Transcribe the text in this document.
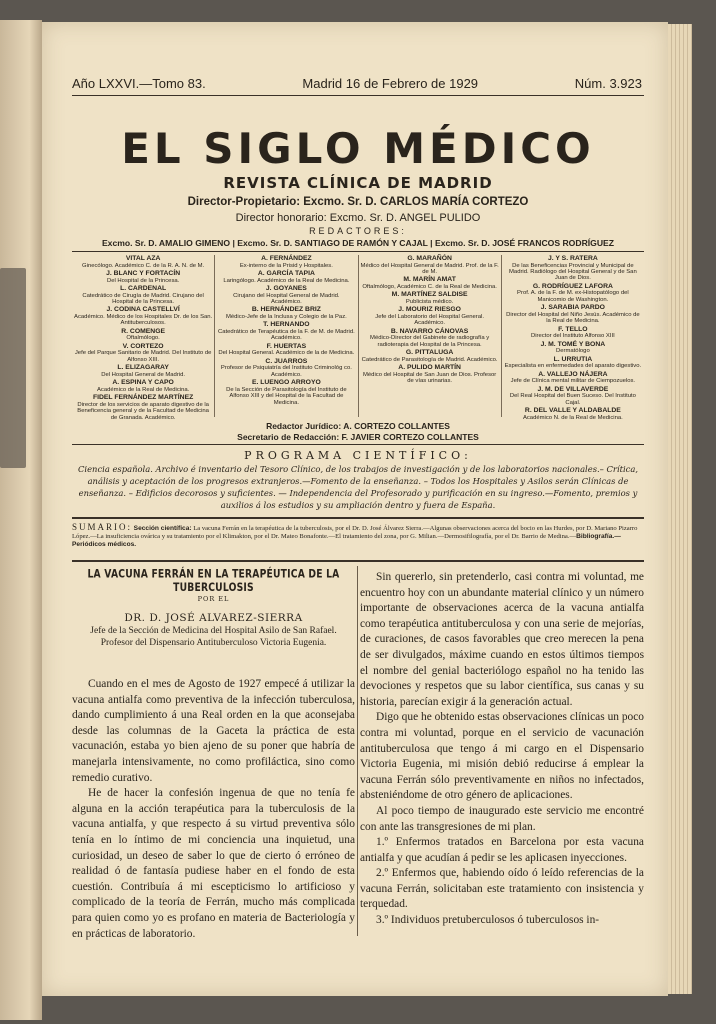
Año LXXVI.—Tomo 83.	Madrid 16 de Febrero de 1929	Núm. 3.923
EL SIGLO MÉDICO
REVISTA CLÍNICA DE MADRID
Director-Propietario: Excmo. Sr. D. CARLOS MARÍA CORTEZO
Director honorario: Excmo. Sr. D. ANGEL PULIDO
REDACTORES:
Excmo. Sr. D. AMALIO GIMENO | Excmo. Sr. D. SANTIAGO DE RAMÓN Y CAJAL | Excmo. Sr. D. JOSÉ FRANCOS RODRÍGUEZ
VITAL AZA
Ginecólogo. Académico C. de la R. A. N. de M.
J. BLANC Y FORTACÍN
Del Hospital de la Princesa.
L. CARDENAL
Catedrático de Cirugía de Madrid. Cirujano del Hospital de la Princesa.
J. CODINA CASTELLVÍ
Académico. Médico de los Hospitales Dr. de los San. Antituberculosos.
R. COMENGE
Oftalmólogo.
V. CORTEZO
Jefe del Parque Sanitario de Madrid. Del Instituto de Alfonso XIII.
L. ELIZAGARAY
Del Hospital General de Madrid.
A. ESPINA Y CAPO
Académico de la Real de Medicina.
FIDEL FERNÁNDEZ MARTÍNEZ
Director de los servicios de aparato digestivo de la Beneficencia general y de la Facultad de Medicina de Granada. Académico.
A. FERNÁNDEZ
Ex-interno de la Prisid y Hospitales.
A. GARCÍA TAPIA
Laringólogo. Académico de la Real de Medicina.
J. GOYANES
Cirujano del Hospital General de Madrid. Académico.
B. HERNÁNDEZ BRIZ
Médico-Jefe de la Inclusa y Colegio de la Paz.
T. HERNANDO
Catedrático de Terapéutica de la F. de M. de Madrid. Académico.
F. HUERTAS
Del Hospital General. Académico de la de Medicina.
C. JUARROS
Profesor de Psiquiatría del Instituto Criminológ co. Académico.
E. LUENGO ARROYO
De la Sección de Parasitología del Instituto de Alfonso XIII y del Hospital de la Facultad de Medicina.
G. MARAÑÓN
Médico del Hospital General de Madrid. Prof. de la F. de M.
M. MARÍN AMAT
Oftalmólogo, Académico C. de la Real de Medicina.
M. MARTÍNEZ SALDISE
Publicista médico.
J. MOURIZ RIESGO
Jefe del Laboratorio del Hospital General. Académico.
B. NAVARRO CÁNOVAS
Médico-Director del Gabinete de radiografía y radioterapia del Hospital de la Princesa.
G. PITTALUGA
Catedrático de Parasitología de Madrid. Académico.
A. PULIDO MARTÍN
Médico del Hospital de San Juan de Dios. Profesor de vías urinarias.
J. Y S. RATERA
De las Beneficencias Provincial y Municipal de Madrid. Radiólogo del Hospital General y de San Juan de Dios.
G. RODRÍGUEZ LAFORA
Prof. A. de la F. de M. ex-Histopatólogo del Manicomio de Washington.
J. SARABIA PARDO
Director del Hospital del Niño Jesús. Académico de la Real de Medicina.
F. TELLO
Director del Instituto Alfonso XIII
J. M. TOMÉ Y BONA
Dermatólogo
L. URRUTIA
Especialista en enfermedades del aparato digestivo.
A. VALLEJO NÁJERA
Jefe de Clínica mental militar de Ciempozuelos.
J. M. DE VILLAVERDE
Del Real Hospital del Buen Suceso. Del Instituto Cajal.
R. DEL VALLE Y ALDABALDE
Académico N. de la Real de Medicina.
Redactor Jurídico: A. CORTEZO COLLANTES
Secretario de Redacción: F. JAVIER CORTEZO COLLANTES
PROGRAMA CIENTÍFICO:
Ciencia española. Archivo é inventario del Tesoro Clínico, de los trabajos de investigación y de los laboratorios nacionales.– Crítica, análisis y aceptación de los progresos extranjeros.—Fomento de la enseñanza. – Todos los Hospitales y Asilos serán Clínicas de enseñanza. – Edificios decorosos y suficientes. — Independencia del Profesorado y purificación en su ingreso.—Fomento, premios y auxilios á los estudios y su ampliación dentro y fuera de España.
SUMARIO: Sección científica: La vacuna Ferrán en la terapéutica de la tuberculosis, por el Dr. D. José Álvarez Sierra.—Algunas observaciones acerca del bocio en las Hurdes, por D. Mariano Pizarro López.—La insuficiencia ovárica y su tratamiento por el Klimakton, por el Dr. Mateo Bonafonte.—El tratamiento del zona, por G. Milian.—Dermosifilografía, por el Dr. Barrio de Medina.—Bibliografía.—Periódicos médicos.
LA VACUNA FERRÁN EN LA TERAPÉUTICA DE LA TUBERCULOSIS
POR EL
DR. D. JOSÉ ALVAREZ-SIERRA
Jefe de la Sección de Medicina del Hospital Asilo de San Rafael.
Profesor del Dispensario Antituberculoso Victoria Eugenia.

Cuando en el mes de Agosto de 1927 empecé á utilizar la vacuna antialfa como preventiva de la infección tuberculosa, dando cumplimiento á una Real orden en la que aconsejaba desde las columnas de la Gaceta la práctica de esta vacunación, estaba yo bien ajeno de su poner que habría de manejarla intensivamente, no como profiláctica, sino como remedio curativo.

He de hacer la confesión ingenua de que no tenía fe alguna en la acción terapéutica para la tuberculosis de la vacuna antialfa, y que respecto á su virtud preventiva sólo tenía en lo íntimo de mi conciencia una inquietud, una curiosidad, un deseo de saber lo que de cierto ó erróneo de realidad ó de fantasía pudiese haber en el fondo de esta cuestión. Contribuía á mi escepticismo lo artificioso y complicado de la teoría de Ferrán, mucho más complicada para quien como yo es profano en materia de Bacteriología y en prácticas de laboratorio.

Sin quererlo, sin pretenderlo, casi contra mi voluntad, me encuentro hoy con un abundante material clínico y un número importante de observaciones acerca de la vacuna antialfa como terapéutica antituberculosa y con una serie de mejorías, de curaciones, de casos favorables que creo merecen la pena de ser divulgados, máxime cuando en estos últimos tiempos el nombre del genial bacteriólogo español no ha tenido las devociones y respetos que su labor científica, sus canas y su historia, parecían exigir á la generación actual.

Digo que he obtenido estas observaciones clínicas un poco contra mi voluntad, porque en el servicio de vacunación antituberculosa que tengo á mi cargo en el Dispensario Victoria Eugenia, mi misión debió reducirse á emplear la vacuna Ferrán sólo preventivamente en niños no infectados, absteniéndome de otro género de aplicaciones.

Al poco tiempo de inaugurado este servicio me encontré con ante las transgresiones de mi plan.

1.º Enfermos tratados en Barcelona por esta vacuna antialfa y que acudían á pedir se les aplicasen inyecciones.

2.º Enfermos que, habiendo oído ó leído referencias de la vacuna Ferrán, solicitaban este tratamiento con insistencia y terquedad.

3.º Individuos pretuberculosos ó tuberculosos in-
